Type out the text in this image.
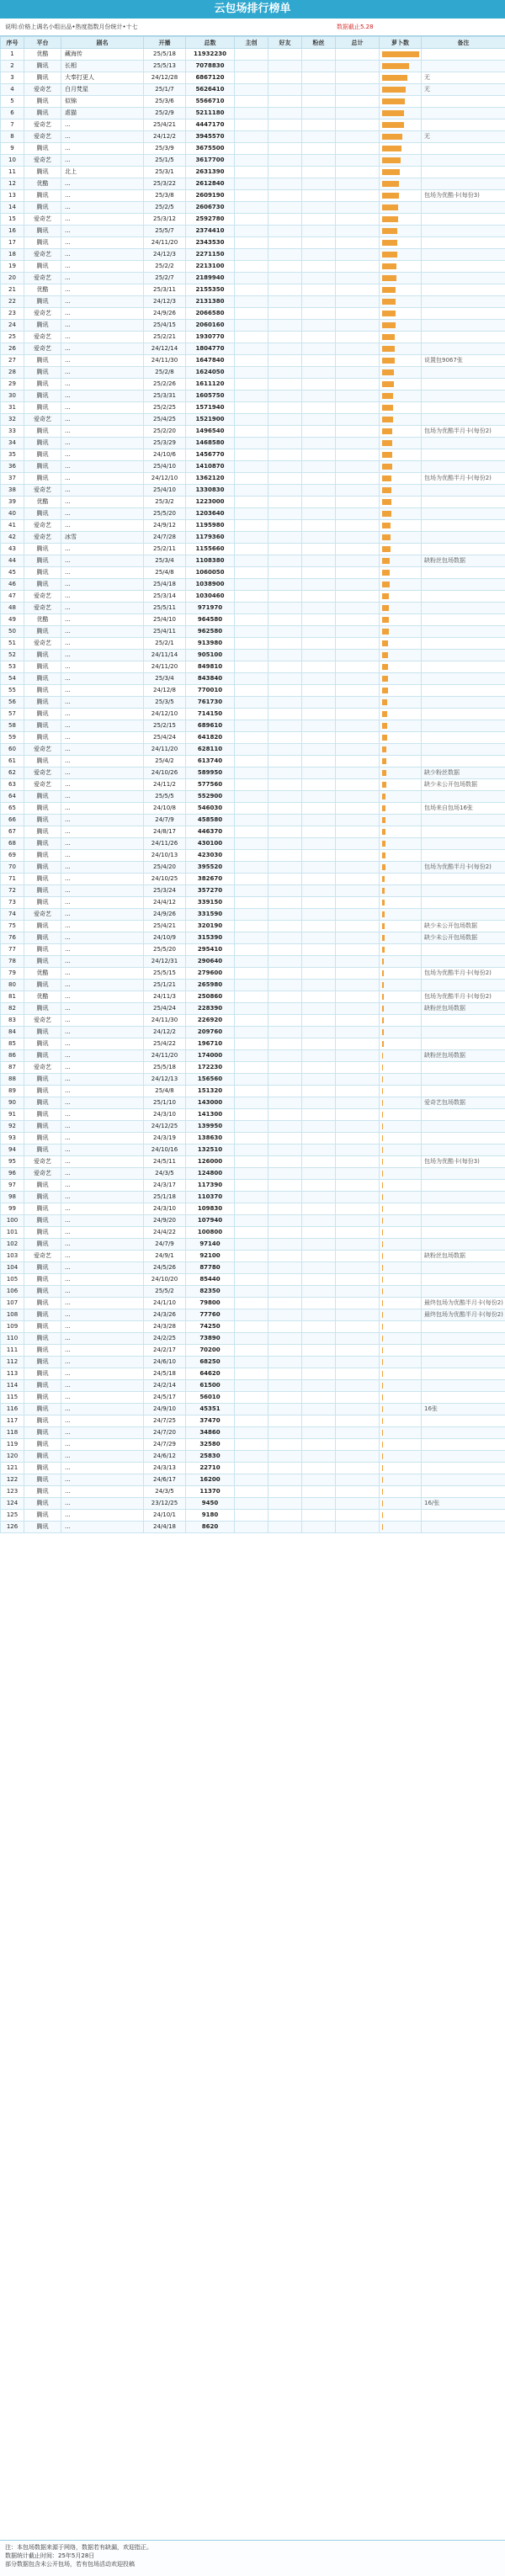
云包场排行榜单
说明:价格上调名小组出品•热度指数月份统计•十七	数据截止5.28
序号	平台	剧名	开播	总数	主创	好友	粉丝	总计	萝卜数	备注
1	优酷	藏海传	25/5/18	11932230						
2	腾讯	长相	25/5/13	7078830						
3	腾讯	大奉打更人	24/12/28	6867120						无
4	爱奇艺	白月梵星	25/1/7	5626410						无
5	腾讯	似锦	25/3/6	5566710						
6	腾讯	虐猫	25/2/9	5211180						
7	爱奇艺	...	25/4/21	4447170						
8	爱奇艺	...	24/12/2	3945570						无
9	腾讯	...	25/3/9	3675500						
10	爱奇艺	...	25/1/5	3617700						
11	腾讯	北上	25/3/1	2631390						
12	优酷	...	25/3/22	2612840						
13	腾讯	...	25/3/8	2609190						包场为优酷卡(每份3)
14	腾讯	...	25/2/5	2606730						
15	爱奇艺	...	25/3/12	2592780						
16	腾讯	...	25/5/7	2374410						
17	腾讯	...	24/11/20	2343530						
18	爱奇艺	...	24/12/3	2271150						
19	腾讯	...	25/2/2	2213100						
20	爱奇艺	...	25/2/7	2189940						
21	优酷	...	25/3/11	2155350						
22	腾讯	...	24/12/3	2131380						
23	爱奇艺	...	24/9/26	2066580						
24	腾讯	...	25/4/15	2060160						
25	爱奇艺	...	25/2/21	1930770						
26	爱奇艺	...	24/12/14	1804770						
27	腾讯	...	24/11/30	1647840						说置包9067张
28	腾讯	...	25/2/8	1624050						
29	腾讯	...	25/2/26	1611120						
30	腾讯	...	25/3/31	1605750						
31	腾讯	...	25/2/25	1571940						
32	爱奇艺	...	25/4/25	1521900						
33	腾讯	...	25/2/20	1496540						包场为优酷半月卡(每份2)
34	腾讯	...	25/3/29	1468580						
35	腾讯	...	24/10/6	1456770						
36	腾讯	...	25/4/10	1410870						
37	腾讯	...	24/12/10	1362120						包场为优酷半月卡(每份2)
38	爱奇艺	...	25/4/10	1330830						
39	优酷	...	25/3/2	1223000						
40	腾讯	...	25/5/20	1203640						
41	爱奇艺	...	24/9/12	1195980						
42	爱奇艺	冰雪	24/7/28	1179360						
43	腾讯	...	25/2/11	1155660						
44	腾讯	...	25/3/4	1108380						缺粉丝包场数据
45	腾讯	...	25/4/8	1060050						
46	腾讯	...	25/4/18	1038900						
47	爱奇艺	...	25/3/14	1030460						
48	爱奇艺	...	25/5/11	971970						
49	优酷	...	25/4/10	964580						
50	腾讯	...	25/4/11	962580						
51	爱奇艺	...	25/2/1	913980						
52	腾讯	...	24/11/14	905100						
53	腾讯	...	24/11/20	849810						
54	腾讯	...	25/3/4	843840						
55	腾讯	...	24/12/8	770010						
56	腾讯	...	25/3/5	761730						
57	腾讯	...	24/12/10	714150						
58	腾讯	...	25/2/15	689610						
59	腾讯	...	25/4/24	641820						
60	爱奇艺	...	24/11/20	628110						
61	腾讯	...	25/4/2	613740						
62	爱奇艺	...	24/10/26	589950						缺少粉丝数据
63	爱奇艺	...	24/11/2	577560						缺少未公开包场数据
64	腾讯	...	25/5/5	552900						
65	腾讯	...	24/10/8	546030						包场来自包场16张
66	腾讯	...	24/7/9	458580						
67	腾讯	...	24/8/17	446370						
68	腾讯	...	24/11/26	430100						
69	腾讯	...	24/10/13	423030						
70	腾讯	...	25/4/20	395520						包场为优酷半月卡(每份2)
71	腾讯	...	24/10/25	382670						
72	腾讯	...	25/3/24	357270						
73	腾讯	...	24/4/12	339150						
74	爱奇艺	...	24/9/26	331590						
75	腾讯	...	25/4/21	320190						缺少未公开包场数据
76	腾讯	...	24/10/9	315390						缺少未公开包场数据
77	腾讯	...	25/5/20	295410						
78	腾讯	...	24/12/31	290640						
79	优酷	...	25/5/15	279600						包场为优酷半月卡(每份2)
80	腾讯	...	25/1/21	265980						
81	优酷	...	24/11/3	250860						包场为优酷半月卡(每份2)
82	腾讯	...	25/4/24	228390						缺粉丝包场数据
83	爱奇艺	...	24/11/30	226920						
84	腾讯	...	24/12/2	209760						
85	腾讯	...	25/4/22	196710						
86	腾讯	...	24/11/20	174000						缺粉丝包场数据
87	爱奇艺	...	25/5/18	172230						
88	腾讯	...	24/12/13	156560						
89	腾讯	...	25/4/8	151320						
90	腾讯	...	25/1/10	143000						爱奇艺包场数据
91	腾讯	...	24/3/10	141300						
92	腾讯	...	24/12/25	139950						
93	腾讯	...	24/3/19	138630						
94	腾讯	...	24/10/16	132510						
95	爱奇艺	...	24/5/11	126000						包场为优酷卡(每份3)
96	爱奇艺	...	24/3/5	124800						
97	腾讯	...	24/3/17	117390						
98	腾讯	...	25/1/18	110370						
99	腾讯	...	24/3/10	109830						
100	腾讯	...	24/9/20	107940						
101	腾讯	...	24/4/22	100800						
102	腾讯	...	24/7/9	97140						
103	爱奇艺	...	24/9/1	92100						缺粉丝包场数据
104	腾讯	...	24/5/26	87780						
105	腾讯	...	24/10/20	85440						
106	腾讯	...	25/5/2	82350						
107	腾讯	...	24/1/10	79800						最终包场为优酷半月卡(每份2)
108	腾讯	...	24/3/26	77760						最终包场为优酷半月卡(每份2)
109	腾讯	...	24/3/28	74250						
110	腾讯	...	24/2/25	73890						
111	腾讯	...	24/2/17	70200						
112	腾讯	...	24/6/10	68250						
113	腾讯	...	24/5/18	64620						
114	腾讯	...	24/2/14	61500						
115	腾讯	...	24/5/17	56010						
116	腾讯	...	24/9/10	45351						16张
117	腾讯	...	24/7/25	37470						
118	腾讯	...	24/7/20	34860						
119	腾讯	...	24/7/29	32580						
120	腾讯	...	24/6/12	25830						
121	腾讯	...	24/3/13	22710						
122	腾讯	...	24/6/17	16200						
123	腾讯	...	24/3/5	11370						
124	腾讯	...	23/12/25	9450						16/张
125	腾讯	...	24/10/1	9180						
126	腾讯	...	24/4/18	8620						
注：本包场数据来源于网络，数据若有缺漏，欢迎指正。
数据统计截止时间：25年5月28日
部分数据包含未公开包场，若有包场活动欢迎投稿
